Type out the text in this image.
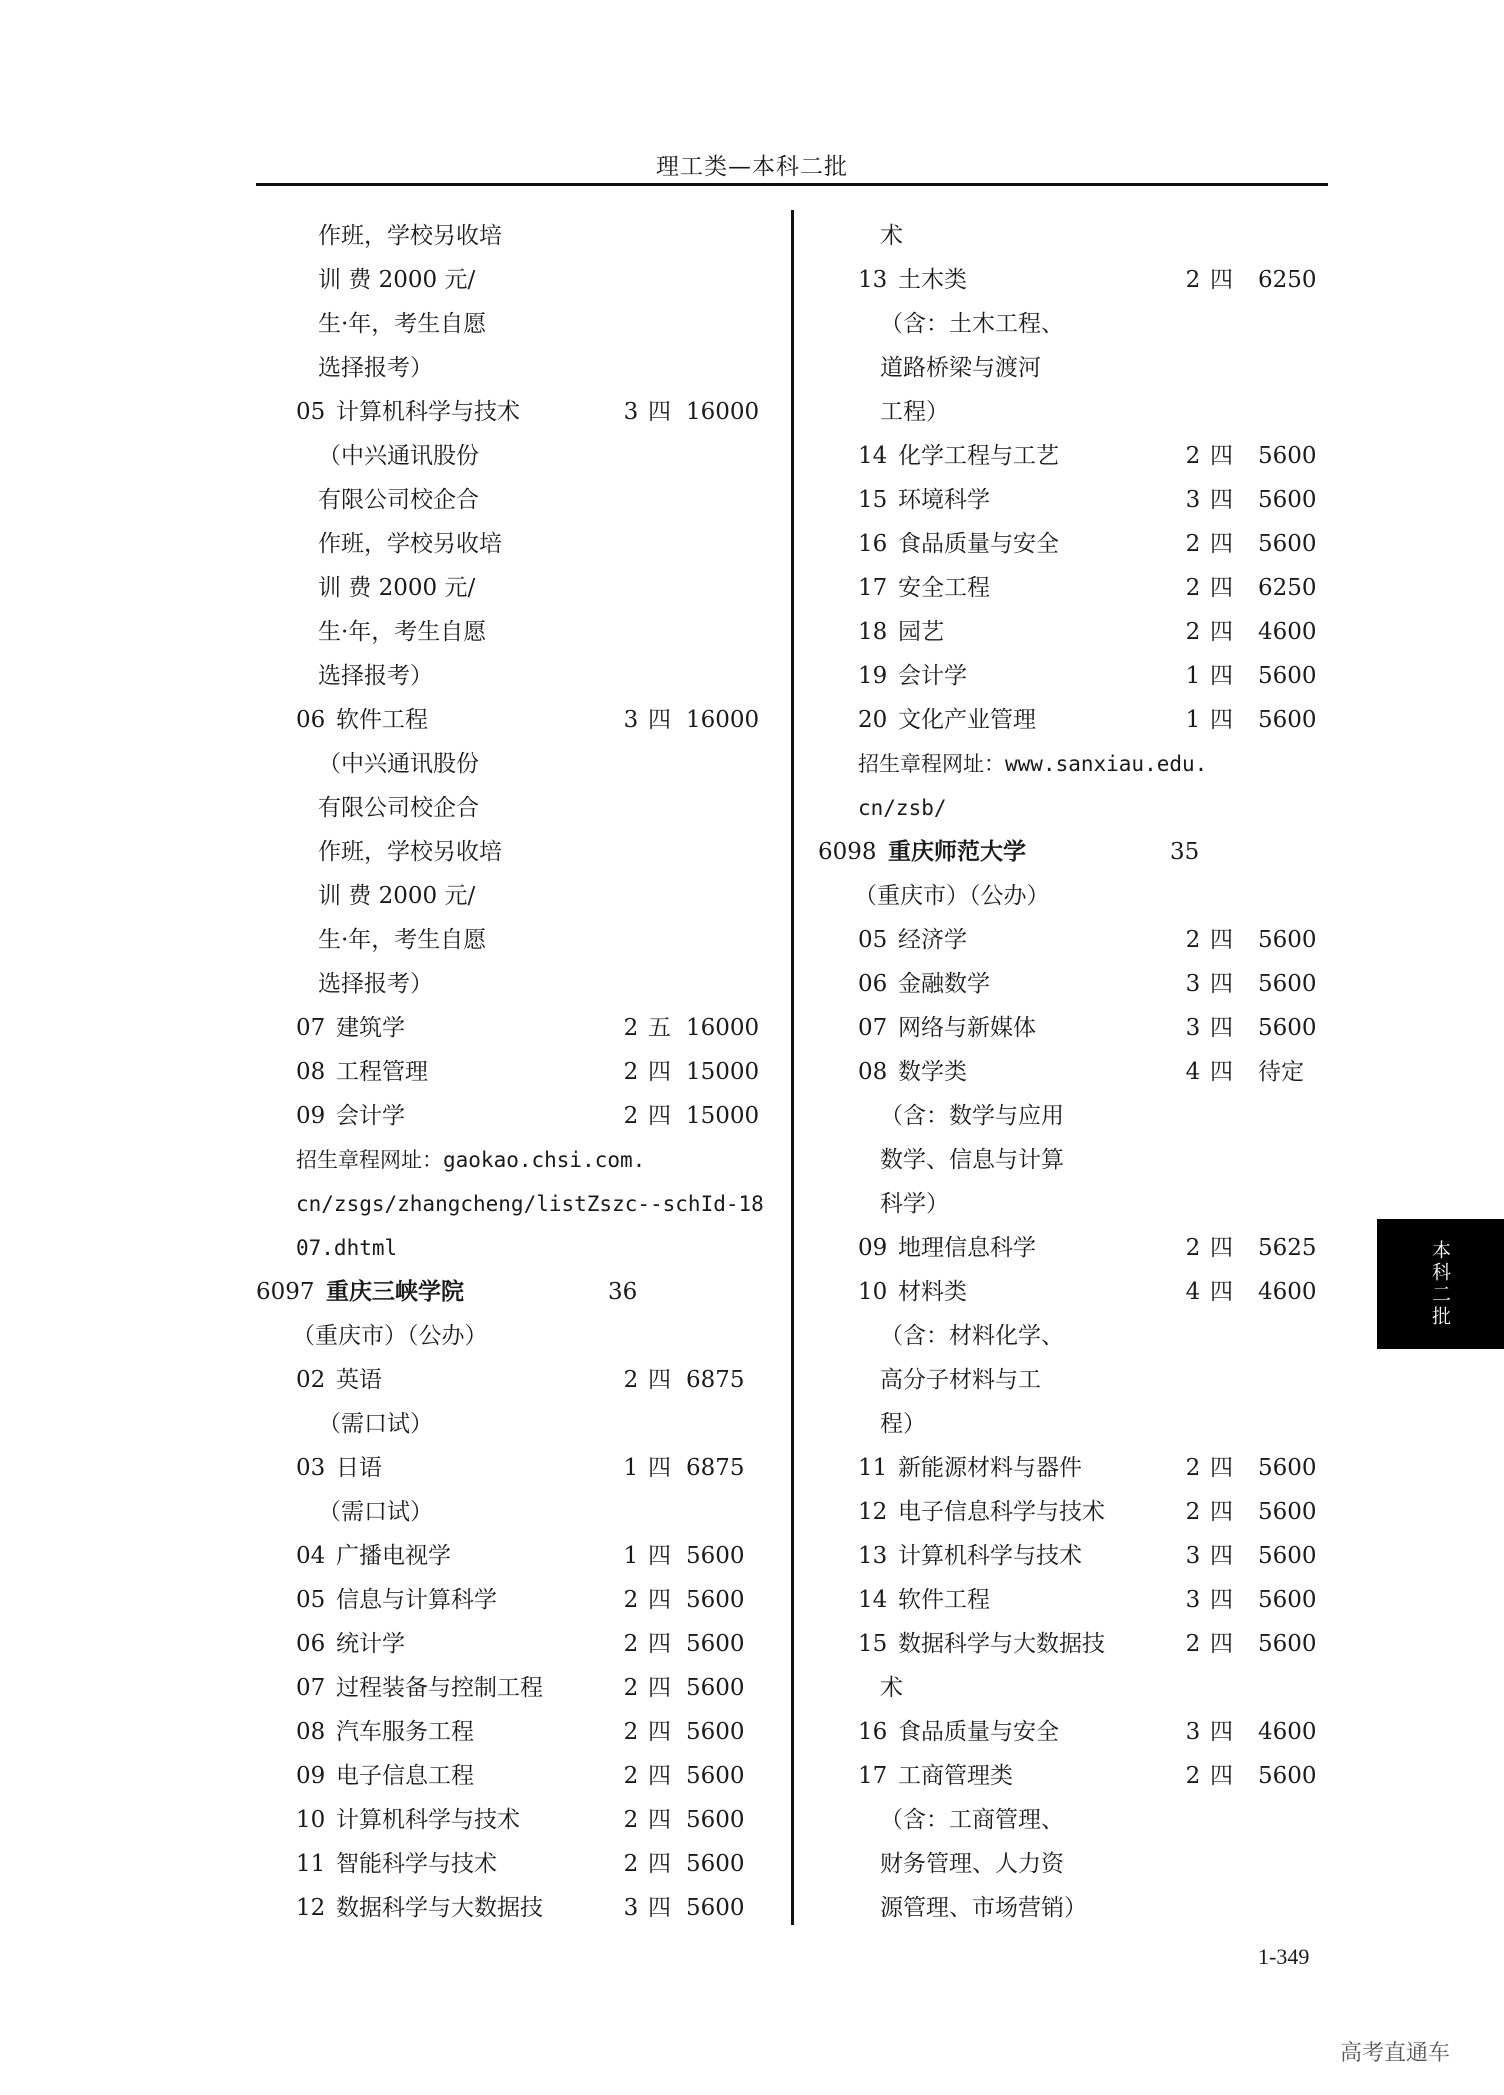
理工类—本科二批
作班，学校另收培
训 费 2000 元/
生·年，考生自愿
选择报考）
05 计算机科学与技术	3 四 16000
（中兴通讯股份
有限公司校企合
作班，学校另收培
训 费 2000 元/
生·年，考生自愿
选择报考）
06 软件工程	3 四 16000
（中兴通讯股份
有限公司校企合
作班，学校另收培
训 费 2000 元/
生·年，考生自愿
选择报考）
07 建筑学	2 五 16000
08 工程管理	2 四 15000
09 会计学	2 四 15000
招生章程网址：gaokao.chsi.com.
cn/zsgs/zhangcheng/listZszc--schId-18
07.dhtml
6097 重庆三峡学院	36
（重庆市）（公办）
02 英语	2 四 6875
（需口试）
03 日语	1 四 6875
（需口试）
04 广播电视学	1 四 5600
05 信息与计算科学	2 四 5600
06 统计学	2 四 5600
07 过程装备与控制工程	2 四 5600
08 汽车服务工程	2 四 5600
09 电子信息工程	2 四 5600
10 计算机科学与技术	2 四 5600
11 智能科学与技术	2 四 5600
12 数据科学与大数据技	3 四 5600
术
13 土木类	2 四 6250
（含：土木工程、
道路桥梁与渡河
工程）
14 化学工程与工艺	2 四 5600
15 环境科学	3 四 5600
16 食品质量与安全	2 四 5600
17 安全工程	2 四 6250
18 园艺	2 四 4600
19 会计学	1 四 5600
20 文化产业管理	1 四 5600
招生章程网址：www.sanxiau.edu.
cn/zsb/
6098 重庆师范大学	35
（重庆市）（公办）
05 经济学	2 四 5600
06 金融数学	3 四 5600
07 网络与新媒体	3 四 5600
08 数学类	4 四 待定
（含：数学与应用
数学、信息与计算
科学）
09 地理信息科学	2 四 5625
10 材料类	4 四 4600
（含：材料化学、
高分子材料与工
程）
11 新能源材料与器件	2 四 5600
12 电子信息科学与技术	2 四 5600
13 计算机科学与技术	3 四 5600
14 软件工程	3 四 5600
15 数据科学与大数据技	2 四 5600
术
16 食品质量与安全	3 四 4600
17 工商管理类	2 四 5600
（含：工商管理、
财务管理、人力资
源管理、市场营销）
本科二批
1-349
高考直通车
